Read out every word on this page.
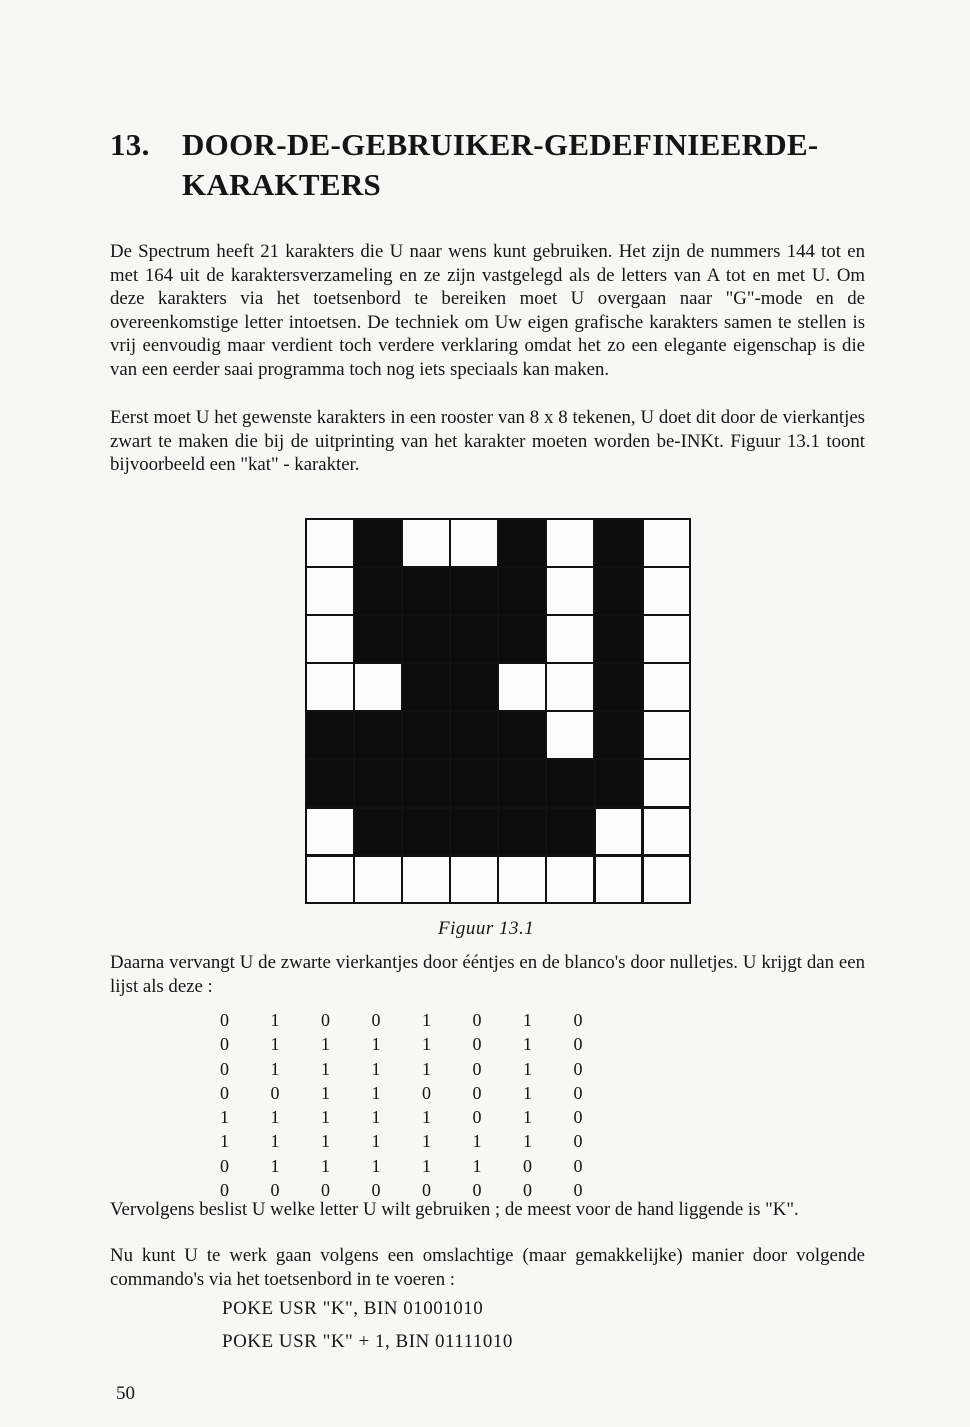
13. DOOR-DE-GEBRUIKER-GEDEFINIEERDE-
KARAKTERS

De Spectrum heeft 21 karakters die U naar wens kunt gebruiken. Het zijn de nummers 144 tot en met 164 uit de karaktersverzameling en ze zijn vastgelegd als de letters van A tot en met U. Om deze karakters via het toetsenbord te bereiken moet U overgaan naar "G"-mode en de overeenkomstige letter intoetsen. De techniek om Uw eigen grafische karakters samen te stellen is vrij eenvoudig maar verdient toch verdere verklaring omdat het zo een elegante eigenschap is die van een eerder saai programma toch nog iets speciaals kan maken.

Eerst moet U het gewenste karakters in een rooster van 8 x 8 tekenen, U doet dit door de vierkantjes zwart te maken die bij de uitprinting van het karakter moeten worden be-INKt. Figuur 13.1 toont bijvoorbeeld een "kat" - karakter.

Figuur 13.1

Daarna vervangt U de zwarte vierkantjes door ééntjes en de blanco's door nulletjes. U krijgt dan een lijst als deze :

0	1	0	0	1	0	1	0
0	1	1	1	1	0	1	0
0	1	1	1	1	0	1	0
0	0	1	1	0	0	1	0
1	1	1	1	1	0	1	0
1	1	1	1	1	1	1	0
0	1	1	1	1	1	0	0
0	0	0	0	0	0	0	0

Vervolgens beslist U welke letter U wilt gebruiken ; de meest voor de hand liggende is "K".

Nu kunt U te werk gaan volgens een omslachtige (maar gemakkelijke) manier door volgende commando's via het toetsenbord in te voeren :

POKE USR "K", BIN 01001010
POKE USR "K" + 1, BIN 01111010
50
